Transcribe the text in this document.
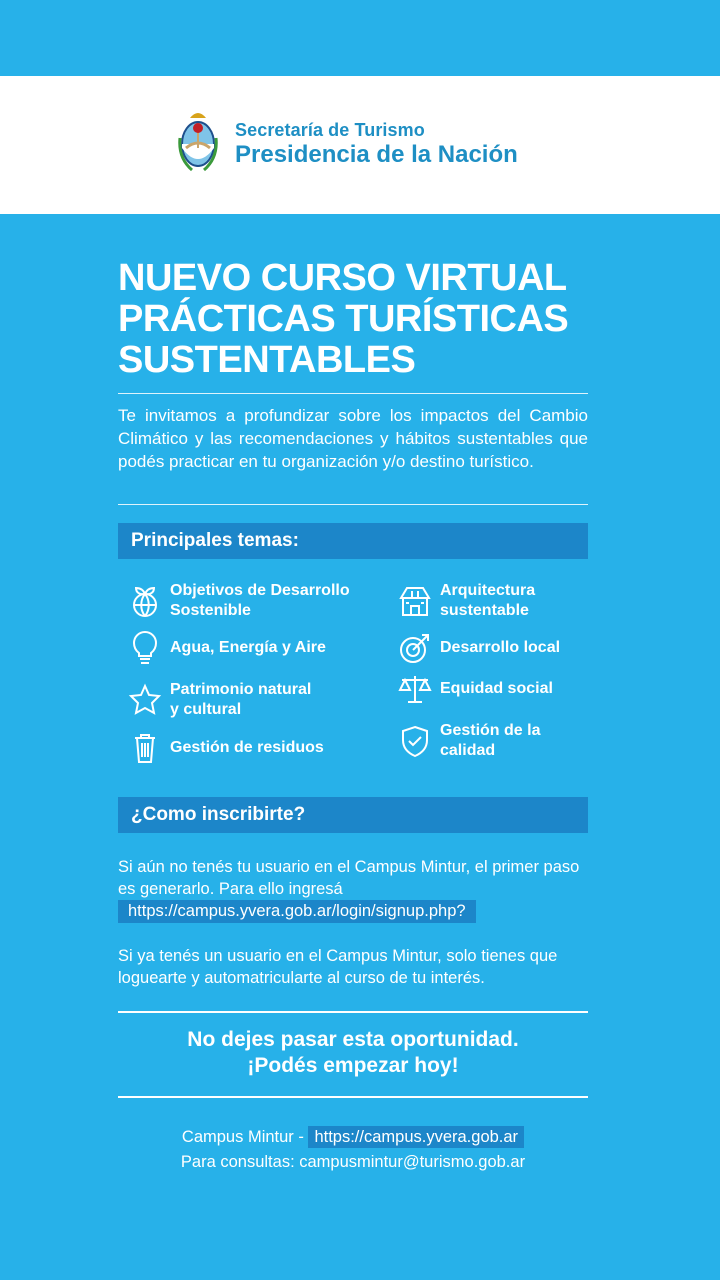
Secretaría de Turismo
Presidencia de la Nación
NUEVO CURSO VIRTUAL
PRÁCTICAS TURÍSTICAS
SUSTENTABLES
Te invitamos a profundizar sobre los impactos del Cambio Climático y las recomendaciones y hábitos sustentables que podés practicar en tu organización y/o destino turístico.
Principales temas:
Objetivos de Desarrollo
Sostenible
Agua, Energía y Aire
Patrimonio natural
y cultural
Gestión de residuos
Arquitectura
sustentable
Desarrollo local
Equidad social
Gestión de la
calidad
¿Como inscribirte?
Si aún no tenés tu usuario en el Campus Mintur, el primer paso es generarlo. Para ello ingresá
https://campus.yvera.gob.ar/login/signup.php?
Si ya tenés un usuario en el Campus Mintur, solo tienes que loguearte y automatricularte al curso de tu interés.
No dejes pasar esta oportunidad.
¡Podés empezar hoy!
Campus Mintur - https://campus.yvera.gob.ar
Para consultas: campusmintur@turismo.gob.ar
